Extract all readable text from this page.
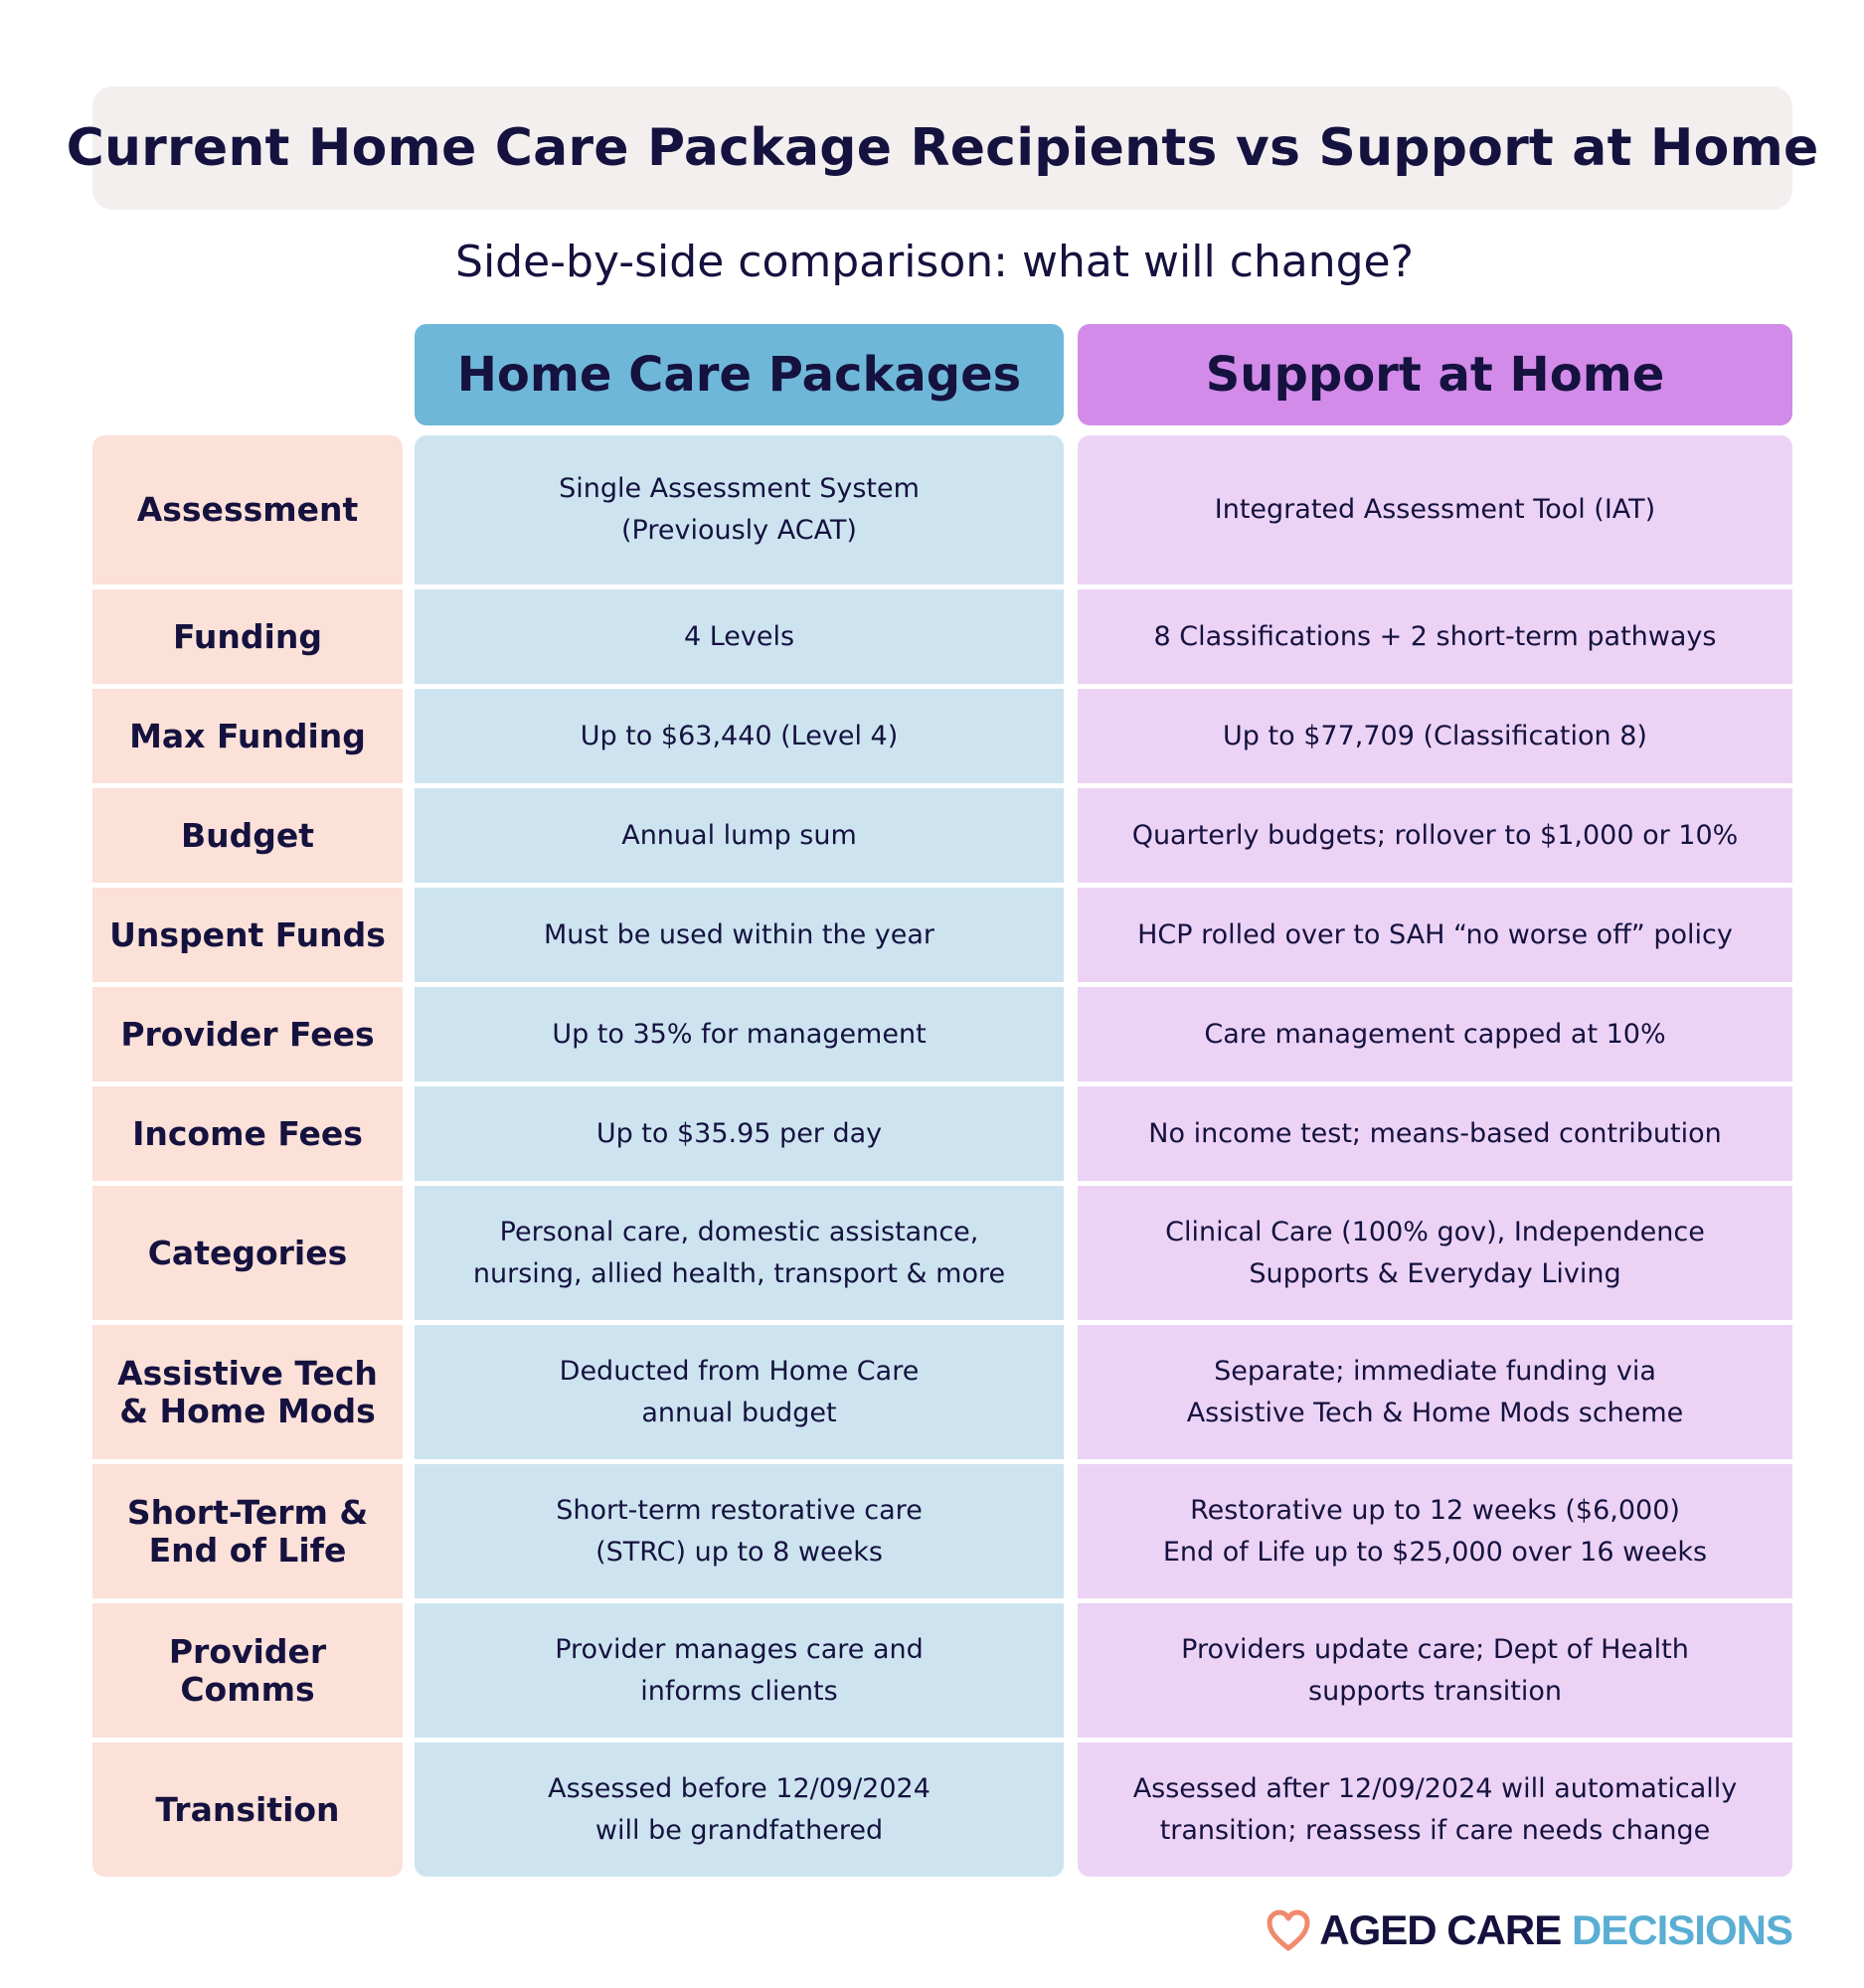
Current Home Care Package Recipients vs Support at Home
Side-by-side comparison: what will change?
Home Care Packages	Support at Home
Assessment
Funding
Max Funding
Budget
Unspent Funds
Provider Fees
Income Fees
Categories
Assistive Tech & Home Mods
Short-Term & End of Life
Provider Comms
Transition
Single Assessment System
(Previously ACAT)
4 Levels
Up to $63,440 (Level 4)
Annual lump sum
Must be used within the year
Up to 35% for management
Up to $35.95 per day
Personal care, domestic assistance,
nursing, allied health, transport & more
Deducted from Home Care
annual budget
Short-term restorative care
(STRC) up to 8 weeks
Provider manages care and
informs clients
Assessed before 12/09/2024
will be grandfathered
Integrated Assessment Tool (IAT)
8 Classifications + 2 short-term pathways
Up to $77,709 (Classification 8)
Quarterly budgets; rollover to $1,000 or 10%
HCP rolled over to SAH “no worse off” policy
Care management capped at 10%
No income test; means-based contribution
Clinical Care (100% gov), Independence
Supports & Everyday Living
Separate; immediate funding via
Assistive Tech & Home Mods scheme
Restorative up to 12 weeks ($6,000)
End of Life up to $25,000 over 16 weeks
Providers update care; Dept of Health
supports transition
Assessed after 12/09/2024 will automatically
transition; reassess if care needs change
AGED CARE DECISIONS
